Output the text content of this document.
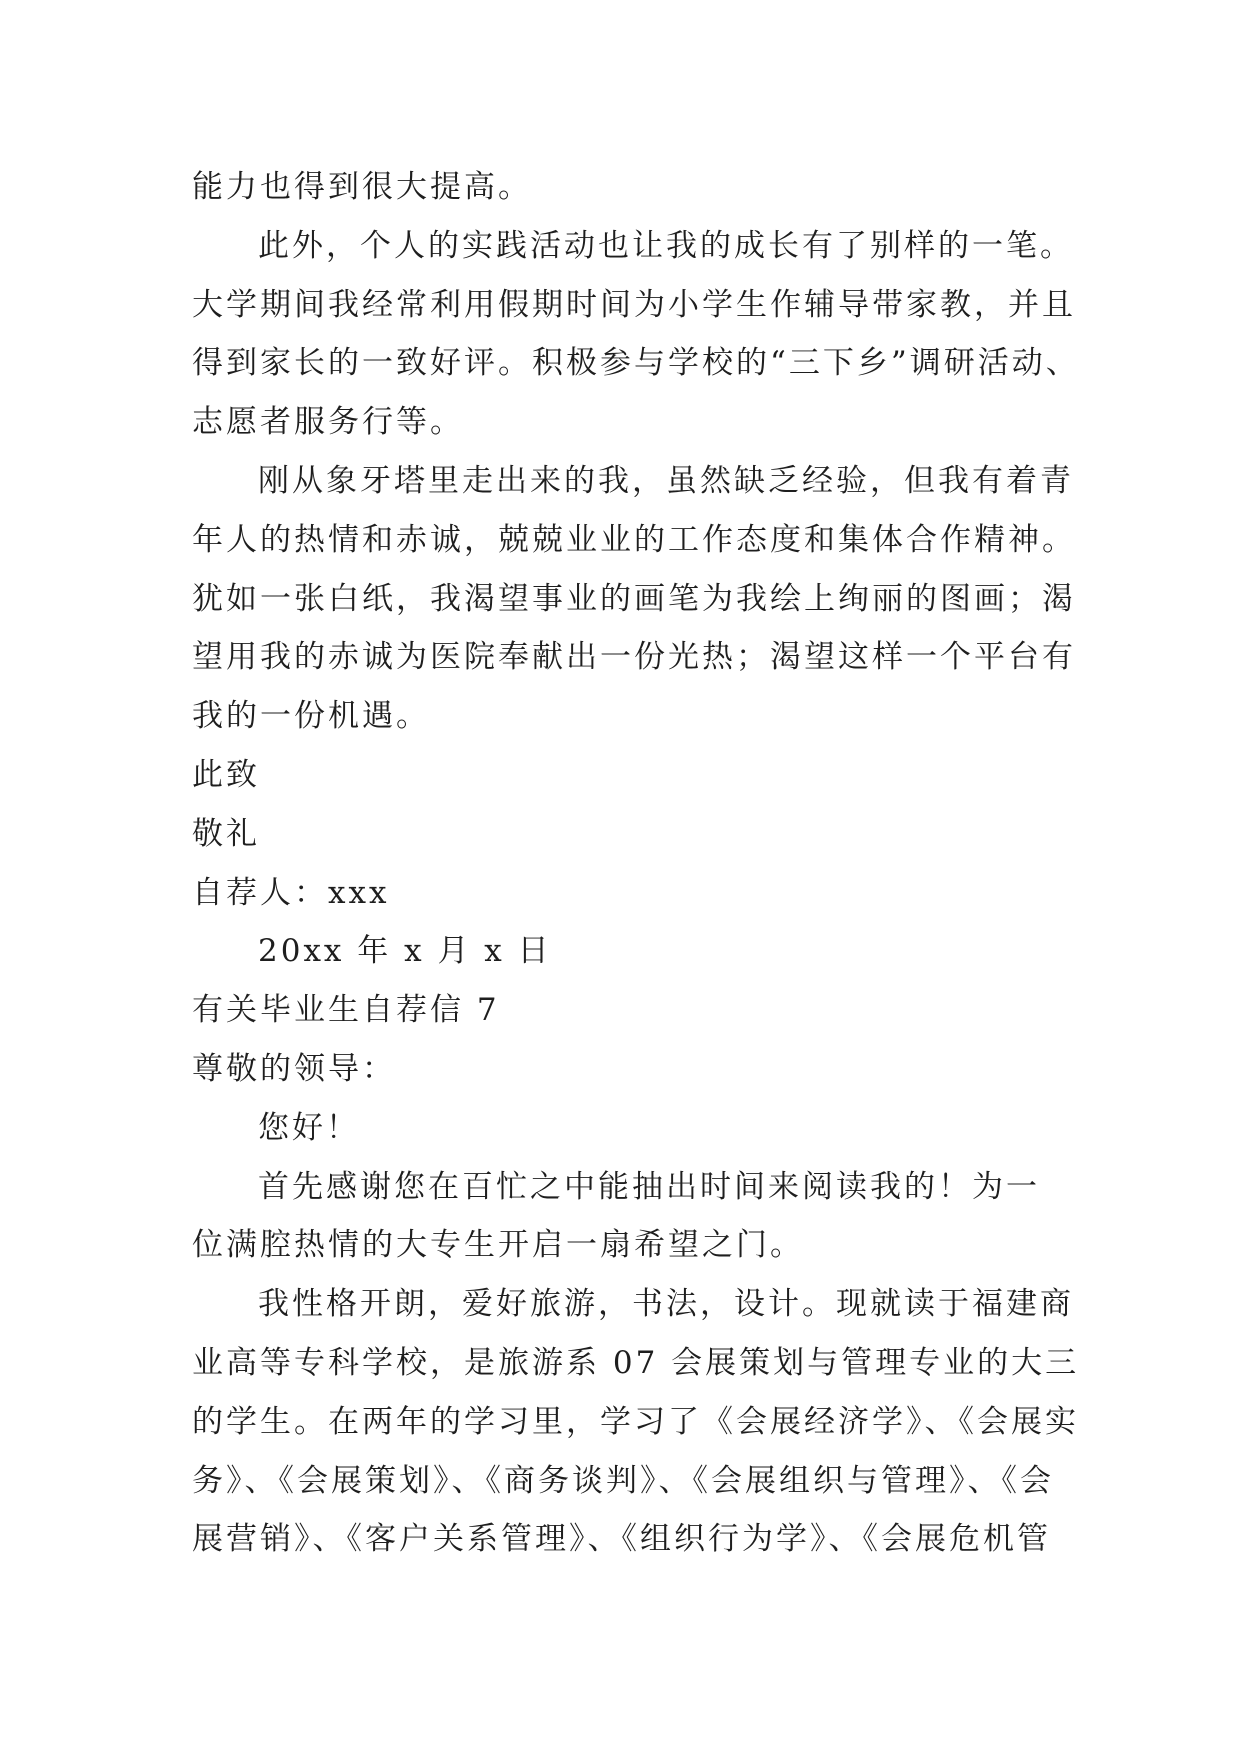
能力也得到很大提高。
此外，个人的实践活动也让我的成长有了别样的一笔。
大学期间我经常利用假期时间为小学生作辅导带家教，并且
得到家长的一致好评。积极参与学校的“三下乡”调研活动、
志愿者服务行等。
刚从象牙塔里走出来的我，虽然缺乏经验，但我有着青
年人的热情和赤诚，兢兢业业的工作态度和集体合作精神。
犹如一张白纸，我渴望事业的画笔为我绘上绚丽的图画；渴
望用我的赤诚为医院奉献出一份光热；渴望这样一个平台有
我的一份机遇。
此致
敬礼
自荐人：xxx
20xx 年 x 月 x 日
有关毕业生自荐信 7
尊敬的领导：
您好！
首先感谢您在百忙之中能抽出时间来阅读我的！为一
位满腔热情的大专生开启一扇希望之门。
我性格开朗，爱好旅游，书法，设计。现就读于福建商
业高等专科学校，是旅游系 07 会展策划与管理专业的大三
的学生。在两年的学习里，学习了《会展经济学》、《会展实
务》、《会展策划》、《商务谈判》、《会展组织与管理》、《会
展营销》、《客户关系管理》、《组织行为学》、《会展危机管
